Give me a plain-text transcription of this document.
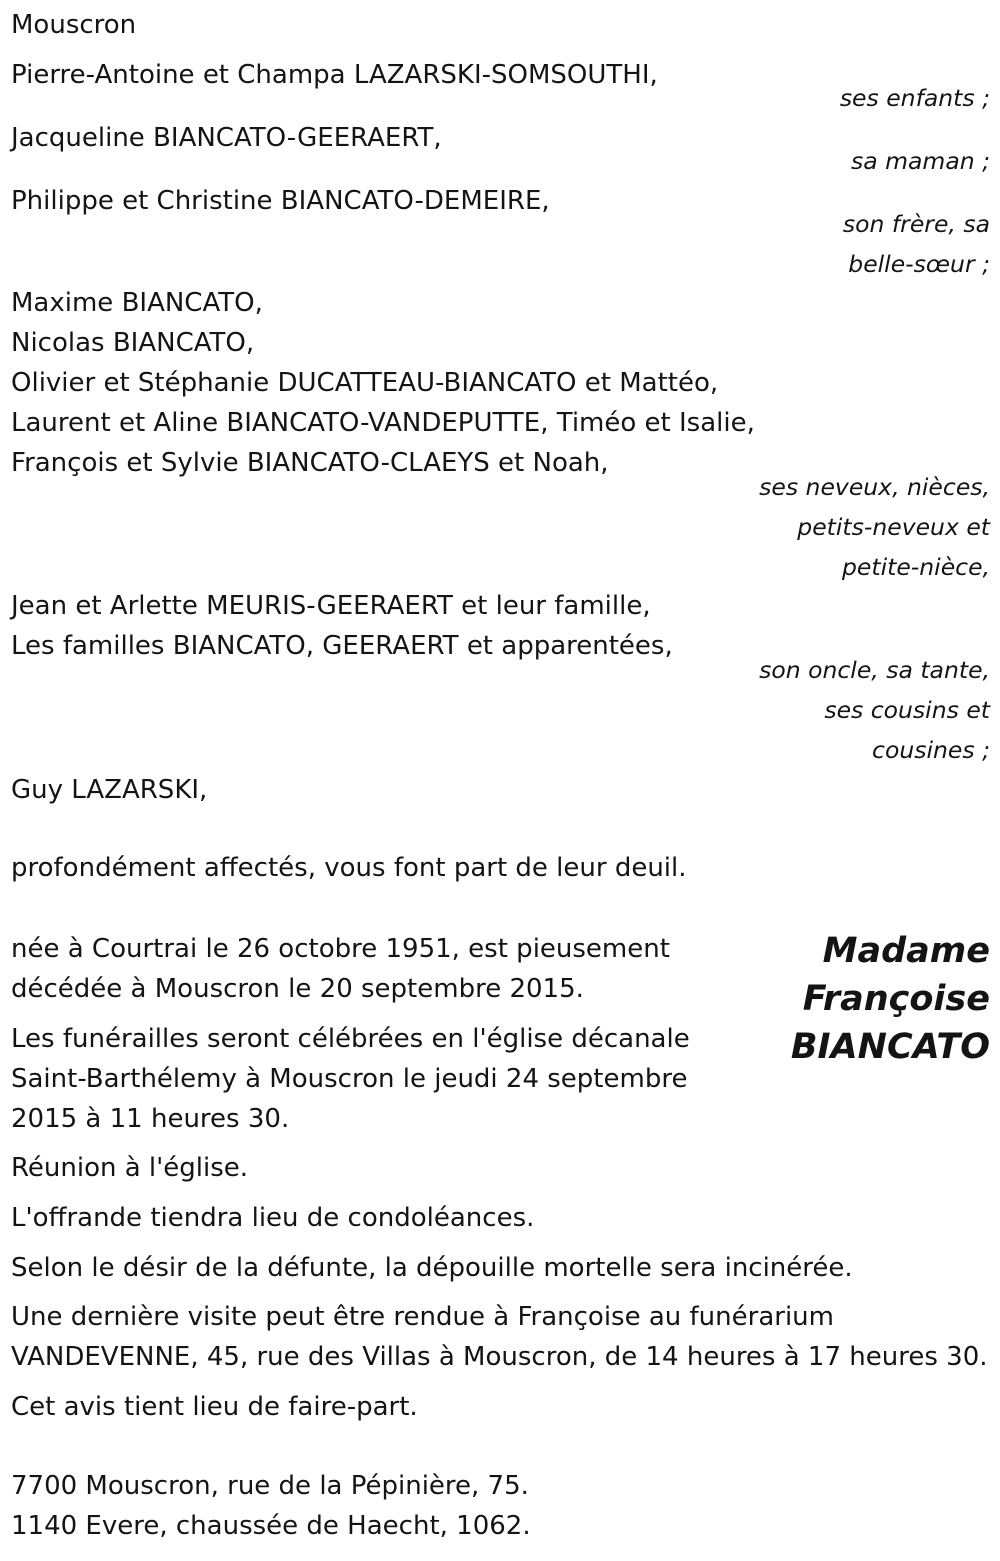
Mouscron
Pierre-Antoine et Champa LAZARSKI-SOMSOUTHI,
ses enfants ;
Jacqueline BIANCATO-GEERAERT,
sa maman ;
Philippe et Christine BIANCATO-DEMEIRE,
son frère, sa
belle-sœur ;
Maxime BIANCATO,
Nicolas BIANCATO,
Olivier et Stéphanie DUCATTEAU-BIANCATO et Mattéo,
Laurent et Aline BIANCATO-VANDEPUTTE, Timéo et Isalie,
François et Sylvie BIANCATO-CLAEYS et Noah,
ses neveux, nièces,
petits-neveux et
petite-nièce,
Jean et Arlette MEURIS-GEERAERT et leur famille,
Les familles BIANCATO, GEERAERT et apparentées,
son oncle, sa tante,
ses cousins et
cousines ;
Guy LAZARSKI,
profondément affectés, vous font part de leur deuil.
Madame
Françoise
BIANCATO
née à Courtrai le 26 octobre 1951, est pieusement
décédée à Mouscron le 20 septembre 2015.
Les funérailles seront célébrées en l'église décanale
Saint-Barthélemy à Mouscron le jeudi 24 septembre
2015 à 11 heures 30.
Réunion à l'église.
L'offrande tiendra lieu de condoléances.
Selon le désir de la défunte, la dépouille mortelle sera incinérée.
Une dernière visite peut être rendue à Françoise au funérarium
VANDEVENNE, 45, rue des Villas à Mouscron, de 14 heures à 17 heures 30.
Cet avis tient lieu de faire-part.
7700 Mouscron, rue de la Pépinière, 75.
1140 Evere, chaussée de Haecht, 1062.
